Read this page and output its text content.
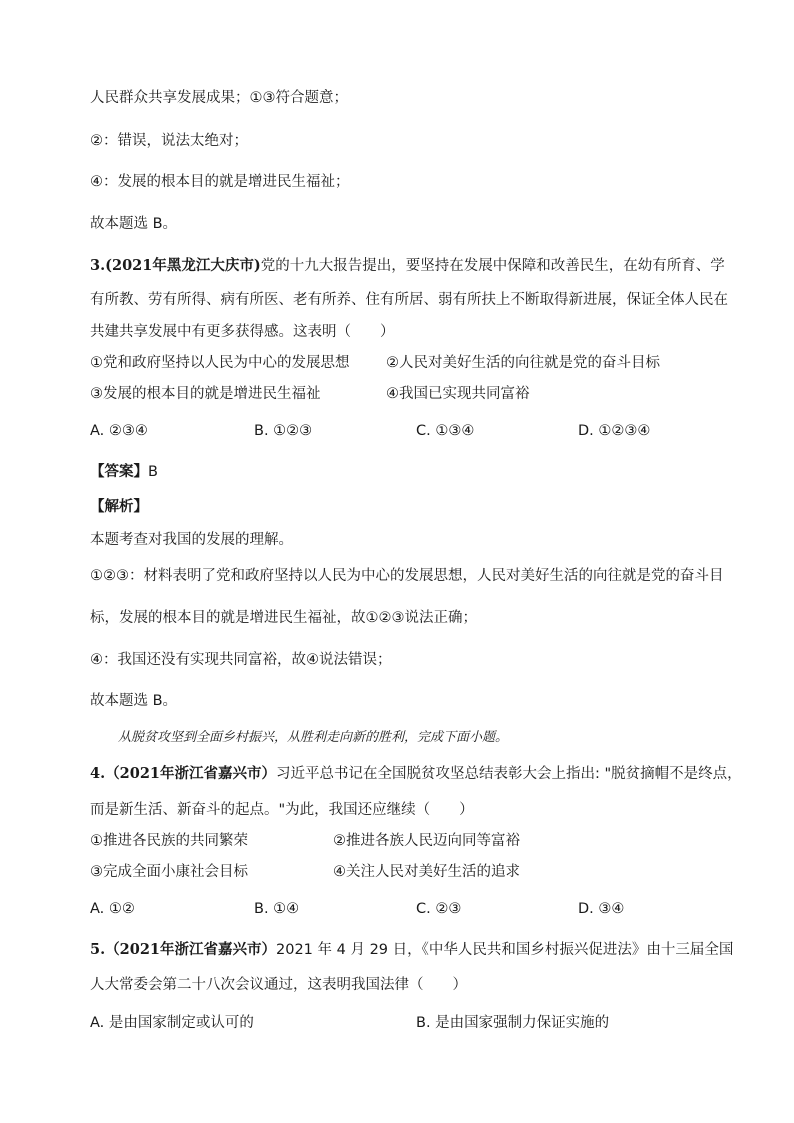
人民群众共享发展成果；①③符合题意；
②：错误，说法太绝对；
④：发展的根本目的就是增进民生福祉；
故本题选 B。
3.(2021年黑龙江大庆市)党的十九大报告提出，要坚持在发展中保障和改善民生，在幼有所育、学
有所教、劳有所得、病有所医、老有所养、住有所居、弱有所扶上不断取得新进展，保证全体人民在
共建共享发展中有更多获得感。这表明（　　）
①党和政府坚持以人民为中心的发展思想	②人民对美好生活的向往就是党的奋斗目标
③发展的根本目的就是增进民生福祉	④我国已实现共同富裕
A. ②③④	B. ①②③	C. ①③④	D. ①②③④
【答案】B
【解析】
本题考查对我国的发展的理解。
①②③：材料表明了党和政府坚持以人民为中心的发展思想，人民对美好生活的向往就是党的奋斗目
标，发展的根本目的就是增进民生福祉，故①②③说法正确；
④：我国还没有实现共同富裕，故④说法错误；
故本题选 B。
从脱贫攻坚到全面乡村振兴，从胜利走向新的胜利，完成下面小题。
4.（2021年浙江省嘉兴市）习近平总书记在全国脱贫攻坚总结表彰大会上指出: "脱贫摘帽不是终点，
而是新生活、新奋斗的起点。"为此，我国还应继续（　　）
①推进各民族的共同繁荣	②推进各族人民迈向同等富裕
③完成全面小康社会目标	④关注人民对美好生活的追求
A. ①②	B. ①④	C. ②③	D. ③④
5.（2021年浙江省嘉兴市）2021 年 4 月 29 日，《中华人民共和国乡村振兴促进法》由十三届全国
人大常委会第二十八次会议通过，这表明我国法律（　　）
A. 是由国家制定或认可的	B. 是由国家强制力保证实施的
